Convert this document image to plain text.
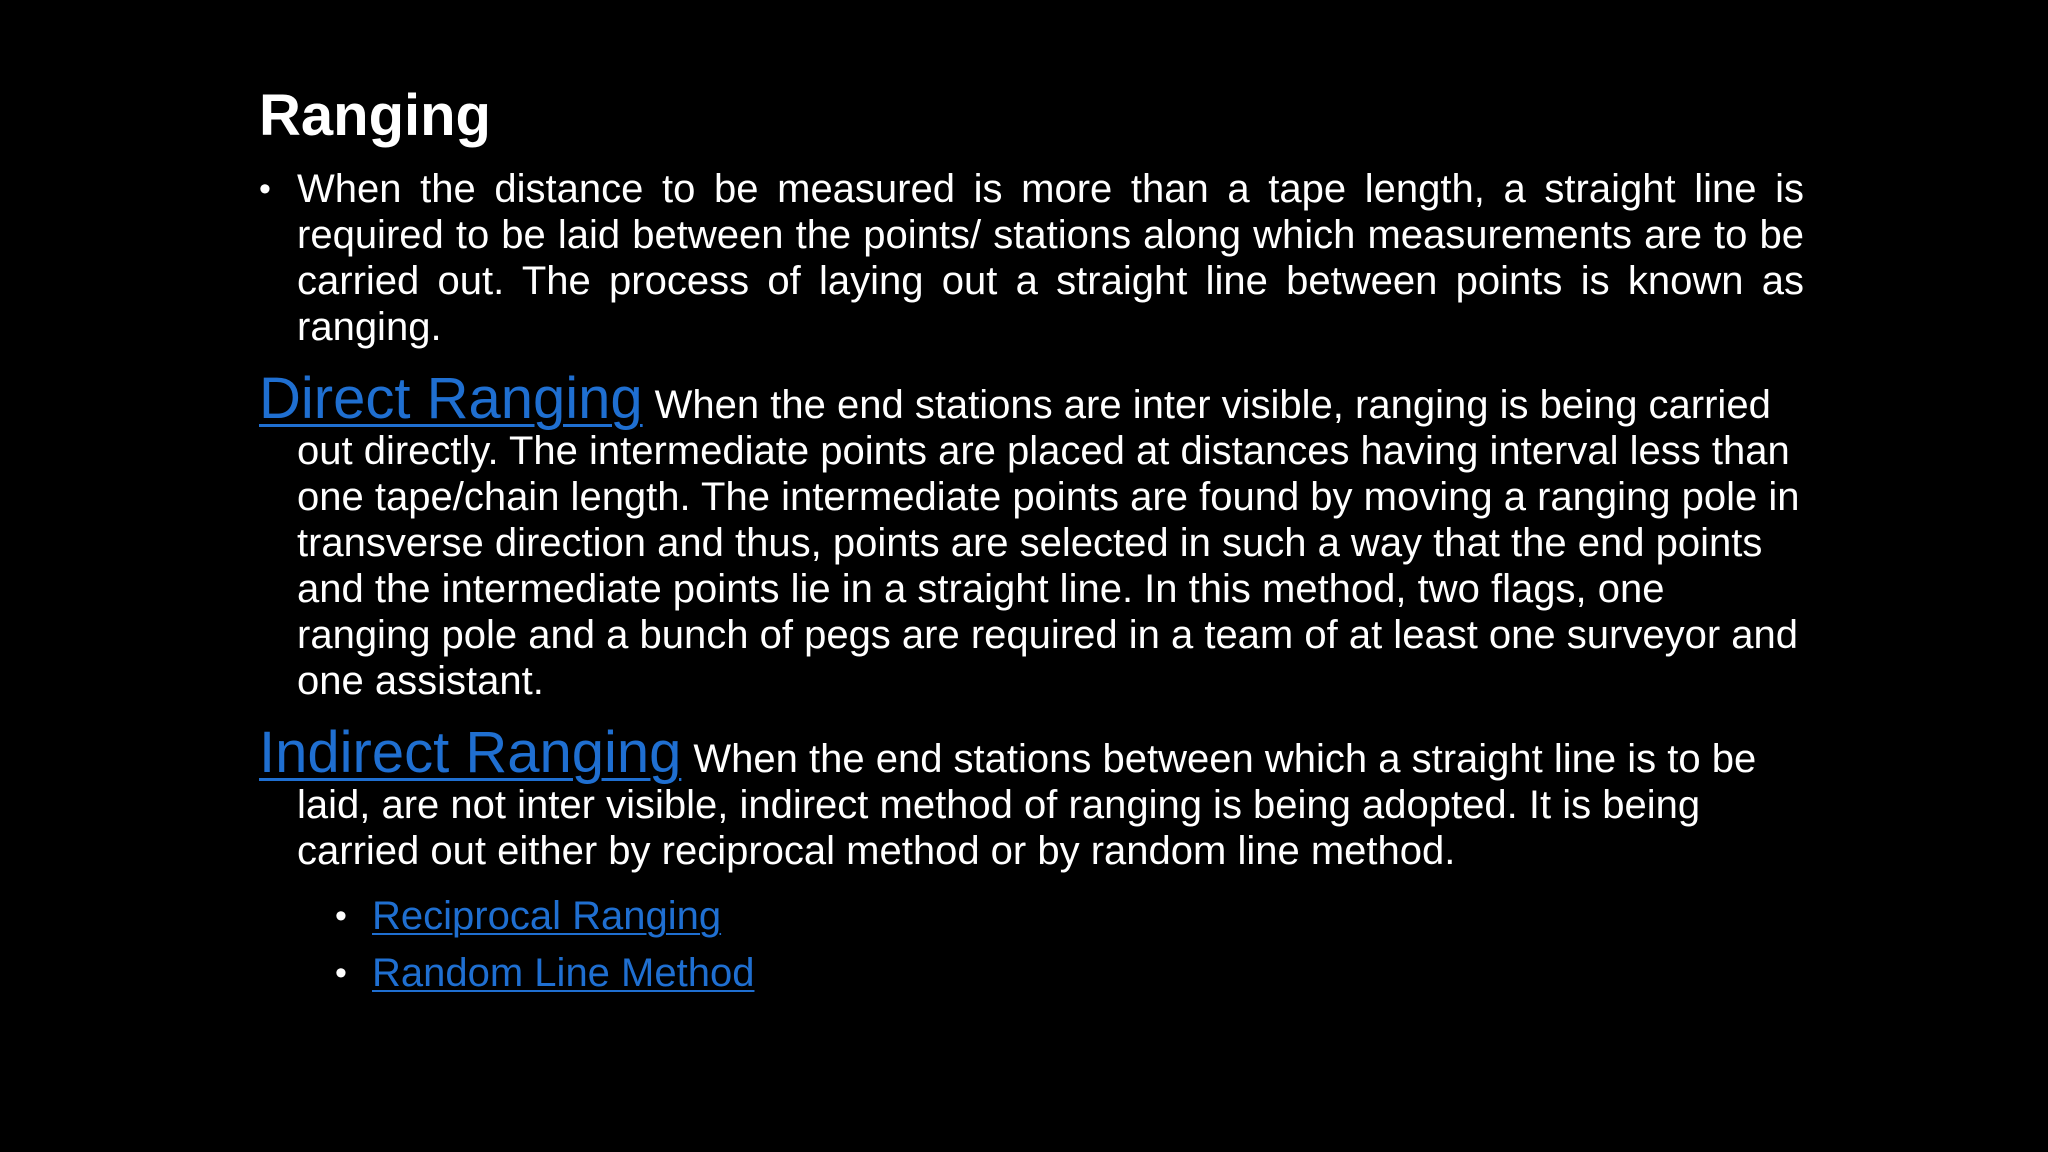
Ranging
• When the distance to be measured is more than a tape length, a straight line is required to be laid between the points/ stations along which measurements are to be carried out. The process of laying out a straight line between points is known as ranging.
Direct Ranging When the end stations are inter visible, ranging is being carried out directly. The intermediate points are placed at distances having interval less than one tape/chain length. The intermediate points are found by moving a ranging pole in transverse direction and thus, points are selected in such a way that the end points and the intermediate points lie in a straight line. In this method, two flags, one ranging pole and a bunch of pegs are required in a team of at least one surveyor and one assistant.
Indirect Ranging When the end stations between which a straight line is to be laid, are not inter visible, indirect method of ranging is being adopted. It is being carried out either by reciprocal method or by random line method.
• Reciprocal Ranging
• Random Line Method
